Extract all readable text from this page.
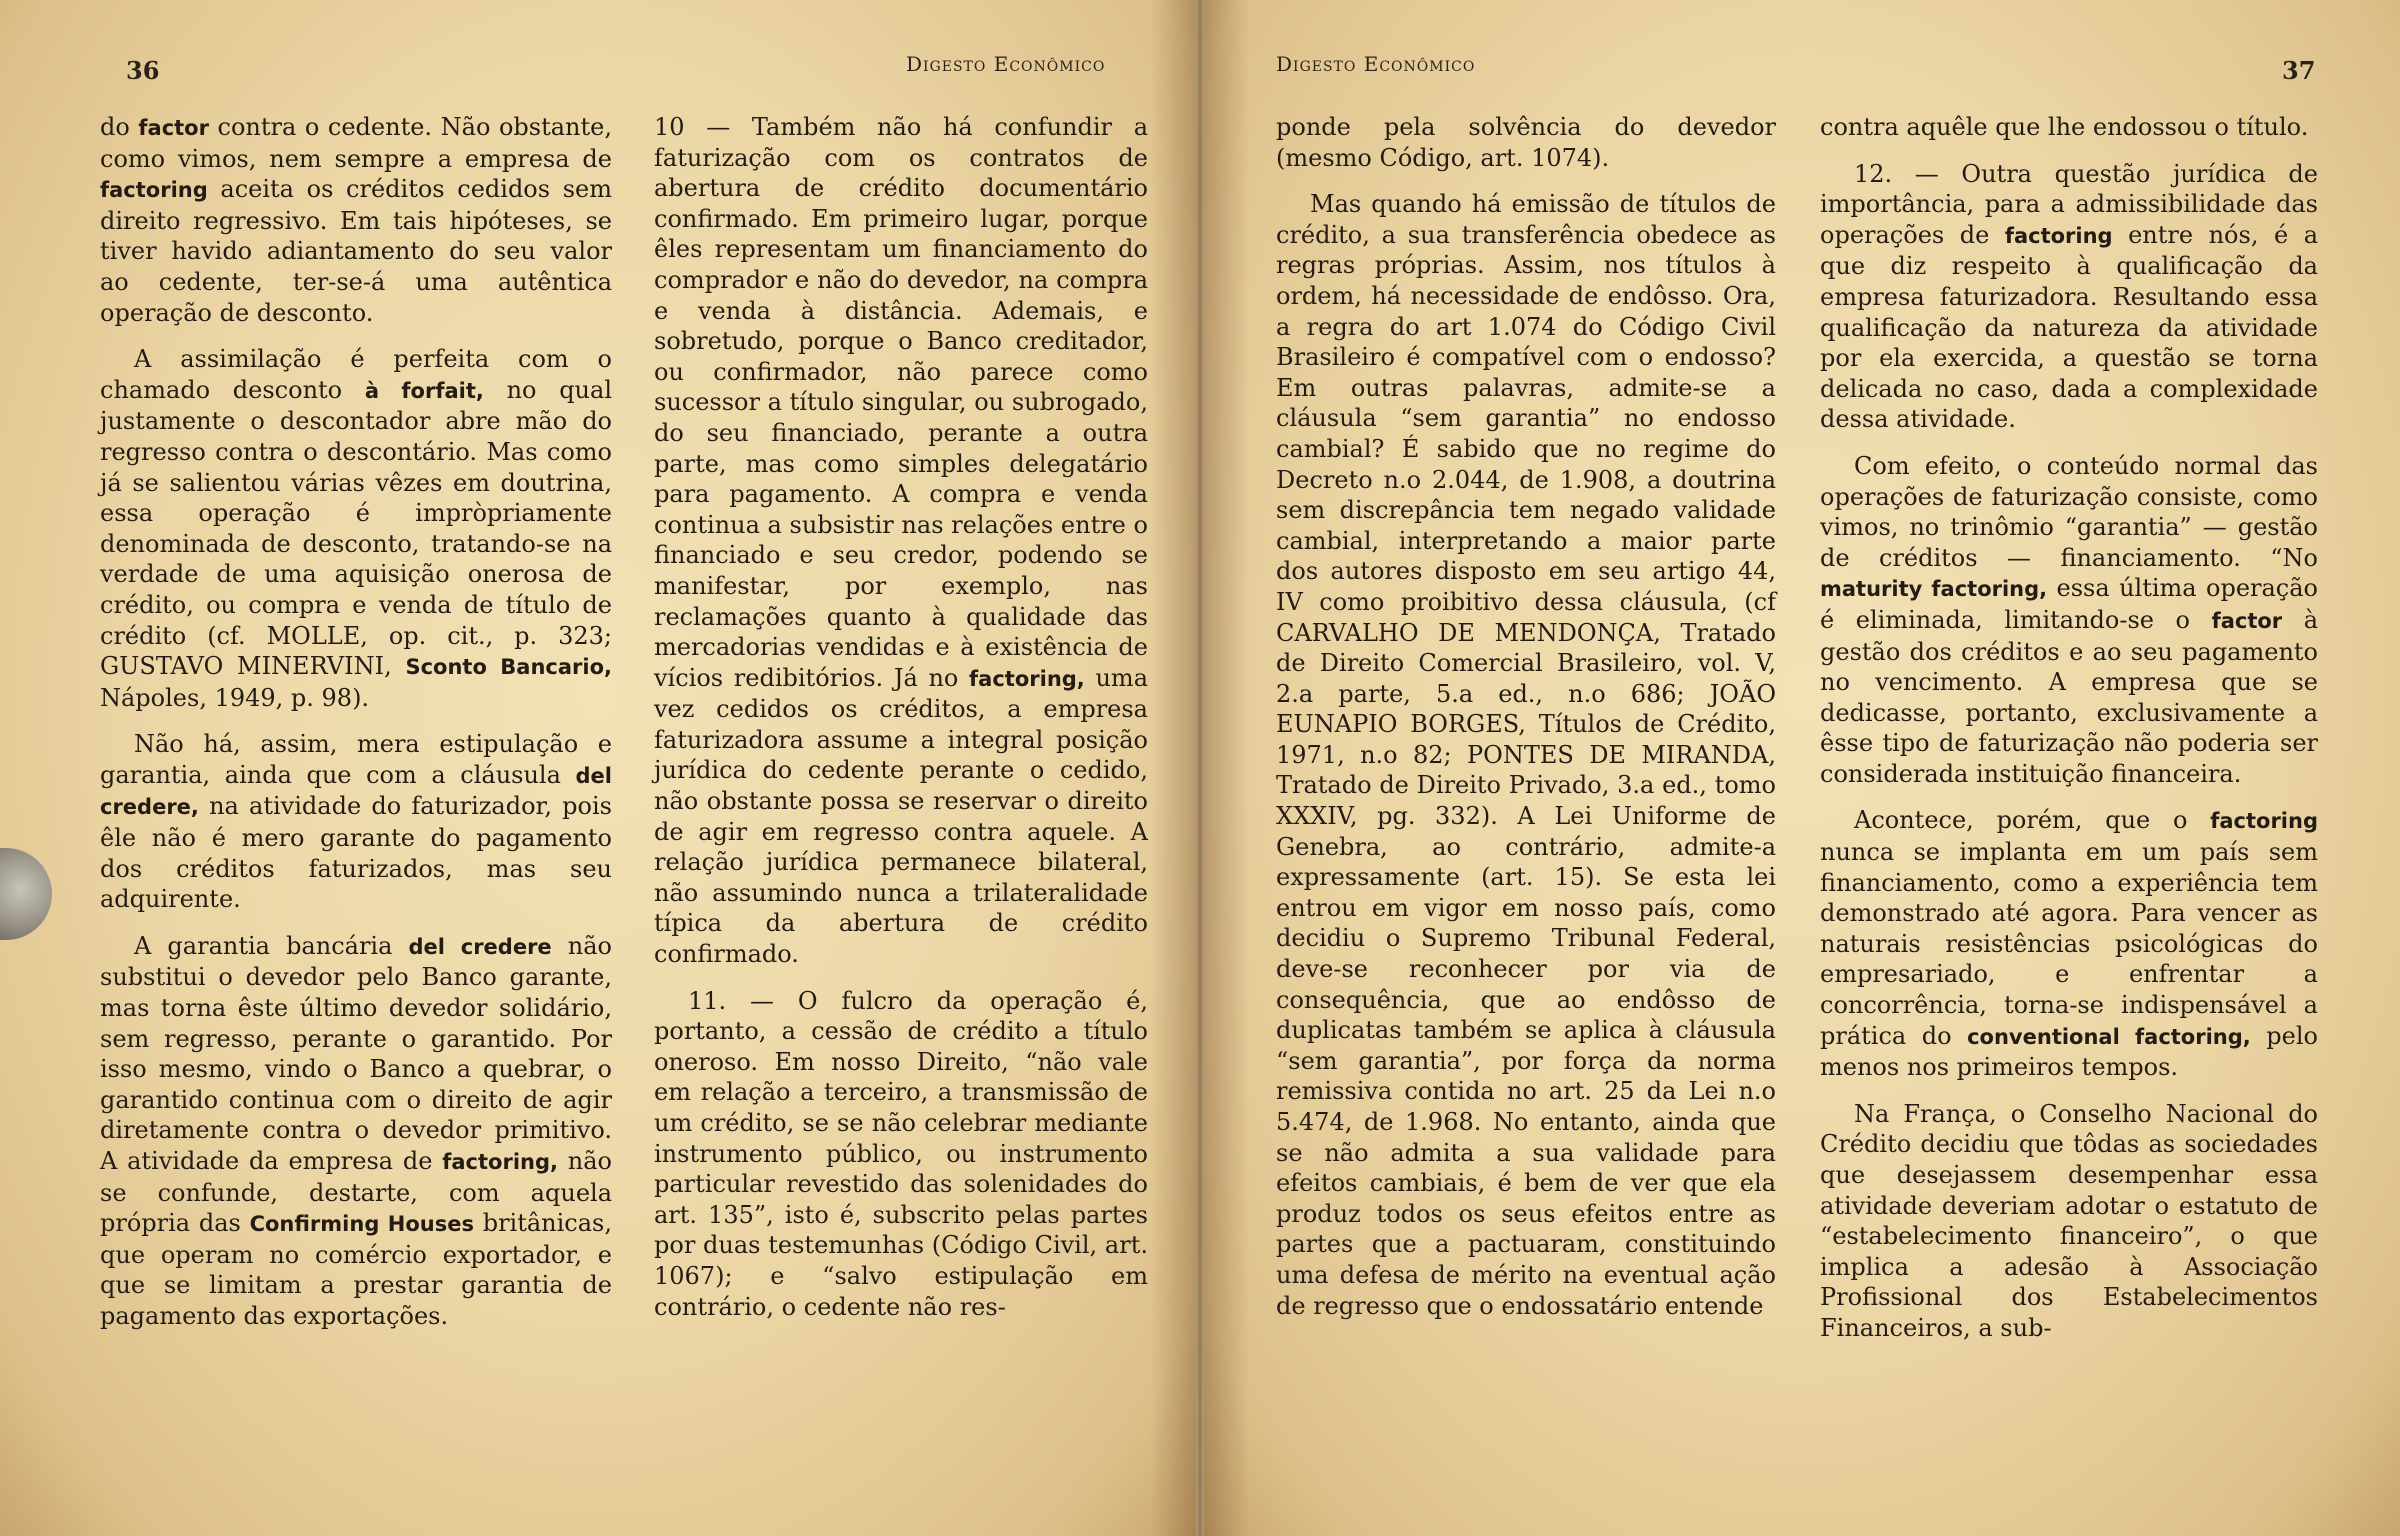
36	Digesto Econômico

do factor contra o cedente. Não obstante, como vimos, nem sempre a empresa de factoring aceita os créditos cedidos sem direito regressivo. Em tais hipóteses, se tiver havido adiantamento do seu valor ao cedente, ter-se-á uma autêntica operação de desconto.

A assimilação é perfeita com o chamado desconto à forfait, no qual justamente o descontador abre mão do regresso contra o descontário. Mas como já se salientou várias vêzes em doutrina, essa operação é impròpriamente denominada de desconto, tratando-se na verdade de uma aquisição onerosa de crédito, ou compra e venda de título de crédito (cf. MOLLE, op. cit., p. 323; GUSTAVO MINERVINI, Sconto Bancario, Nápoles, 1949, p. 98).

Não há, assim, mera estipulação e garantia, ainda que com a cláusula del credere, na atividade do faturizador, pois êle não é mero garante do pagamento dos créditos faturizados, mas seu adquirente.

A garantia bancária del credere não substitui o devedor pelo Banco garante, mas torna êste último devedor solidário, sem regresso, perante o garantido. Por isso mesmo, vindo o Banco a quebrar, o garantido continua com o direito de agir diretamente contra o devedor primitivo. A atividade da empresa de factoring, não se confunde, destarte, com aquela própria das Confirming Houses britânicas, que operam no comércio exportador, e que se limitam a prestar garantia de pagamento das exportações.

10 — Também não há confundir a faturização com os contratos de abertura de crédito documentário confirmado. Em primeiro lugar, porque êles representam um financiamento do comprador e não do devedor, na compra e venda à distância. Ademais, e sobretudo, porque o Banco creditador, ou confirmador, não parece como sucessor a título singular, ou subrogado, do seu financiado, perante a outra parte, mas como simples delegatário para pagamento. A compra e venda continua a subsistir nas relações entre o financiado e seu credor, podendo se manifestar, por exemplo, nas reclamações quanto à qualidade das mercadorias vendidas e à existência de vícios redibitórios. Já no factoring, uma vez cedidos os créditos, a empresa faturizadora assume a integral posição jurídica do cedente perante o cedido, não obstante possa se reservar o direito de agir em regresso contra aquele. A relação jurídica permanece bilateral, não assumindo nunca a trilateralidade típica da abertura de crédito confirmado.

11. — O fulcro da operação é, portanto, a cessão de crédito a título oneroso. Em nosso Direito, “não vale em relação a terceiro, a transmissão de um crédito, se se não celebrar mediante instrumento público, ou instrumento particular revestido das solenidades do art. 135”, isto é, subscrito pelas partes por duas testemunhas (Código Civil, art. 1067); e “salvo estipulação em contrário, o cedente não res-

Digesto Econômico	37

ponde pela solvência do devedor (mesmo Código, art. 1074).

Mas quando há emissão de títulos de crédito, a sua transferência obedece as regras próprias. Assim, nos títulos à ordem, há necessidade de endôsso. Ora, a regra do art 1.074 do Código Civil Brasileiro é compatível com o endosso? Em outras palavras, admite-se a cláusula “sem garantia” no endosso cambial? É sabido que no regime do Decreto n.o 2.044, de 1.908, a doutrina sem discrepância tem negado validade cambial, interpretando a maior parte dos autores disposto em seu artigo 44, IV como proibitivo dessa cláusula, (cf CARVALHO DE MENDONÇA, Tratado de Direito Comercial Brasileiro, vol. V, 2.a parte, 5.a ed., n.o 686; JOÃO EUNAPIO BORGES, Títulos de Crédito, 1971, n.o 82; PONTES DE MIRANDA, Tratado de Direito Privado, 3.a ed., tomo XXXIV, pg. 332). A Lei Uniforme de Genebra, ao contrário, admite-a expressamente (art. 15). Se esta lei entrou em vigor em nosso país, como decidiu o Supremo Tribunal Federal, deve-se reconhecer por via de consequência, que ao endôsso de duplicatas também se aplica à cláusula “sem garantia”, por força da norma remissiva contida no art. 25 da Lei n.o 5.474, de 1.968. No entanto, ainda que se não admita a sua validade para efeitos cambiais, é bem de ver que ela produz todos os seus efeitos entre as partes que a pactuaram, constituindo uma defesa de mérito na eventual ação de regresso que o endossatário entende

contra aquêle que lhe endossou o título.

12. — Outra questão jurídica de importância, para a admissibilidade das operações de factoring entre nós, é a que diz respeito à qualificação da empresa faturizadora. Resultando essa qualificação da natureza da atividade por ela exercida, a questão se torna delicada no caso, dada a complexidade dessa atividade.

Com efeito, o conteúdo normal das operações de faturização consiste, como vimos, no trinômio “garantia” — gestão de créditos — financiamento. “No maturity factoring, essa última operação é eliminada, limitando-se o factor à gestão dos créditos e ao seu pagamento no vencimento. A empresa que se dedicasse, portanto, exclusivamente a êsse tipo de faturização não poderia ser considerada instituição financeira.

Acontece, porém, que o factoring nunca se implanta em um país sem financiamento, como a experiência tem demonstrado até agora. Para vencer as naturais resistências psicológicas do empresariado, e enfrentar a concorrência, torna-se indispensável a prática do conventional factoring, pelo menos nos primeiros tempos.

Na França, o Conselho Nacional do Crédito decidiu que tôdas as sociedades que desejassem desempenhar essa atividade deveriam adotar o estatuto de “estabelecimento financeiro”, o que implica a adesão à Associação Profissional dos Estabelecimentos Financeiros, a sub-
